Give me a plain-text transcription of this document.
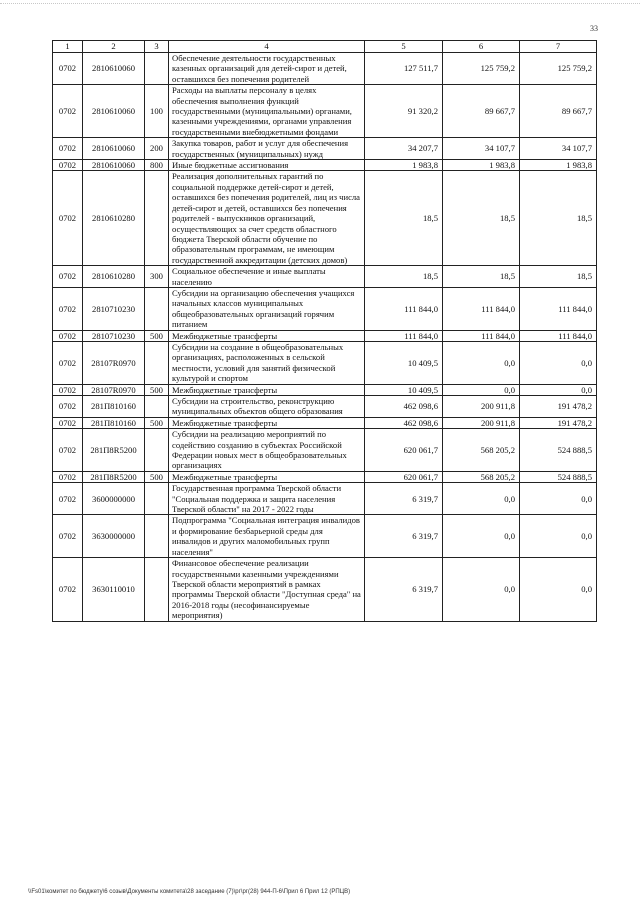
33
1	2	3	4	5	6	7
0702	2810610060		Обеспечение деятельности государственных казенных организаций для детей-сирот и детей, оставшихся без попечения родителей	127 511,7	125 759,2	125 759,2
0702	2810610060	100	Расходы на выплаты персоналу в целях обеспечения выполнения функций государственными (муниципальными) органами, казенными учреждениями, органами управления государственными внебюджетными фондами	91 320,2	89 667,7	89 667,7
0702	2810610060	200	Закупка товаров, работ и услуг для обеспечения государственных (муниципальных) нужд	34 207,7	34 107,7	34 107,7
0702	2810610060	800	Иные бюджетные ассигнования	1 983,8	1 983,8	1 983,8
0702	2810610280		Реализация дополнительных гарантий по социальной поддержке детей-сирот и детей, оставшихся без попечения родителей, лиц из числа детей-сирот и детей, оставшихся без попечения родителей - выпускников организаций, осуществляющих за счет средств областного бюджета Тверской области обучение по образовательным программам, не имеющим государственной аккредитации (детских домов)	18,5	18,5	18,5
0702	2810610280	300	Социальное обеспечение и иные выплаты населению	18,5	18,5	18,5
0702	2810710230		Субсидии на организацию обеспечения учащихся начальных классов муниципальных общеобразовательных организаций горячим питанием	111 844,0	111 844,0	111 844,0
0702	2810710230	500	Межбюджетные трансферты	111 844,0	111 844,0	111 844,0
0702	28107R0970		Субсидии на создание в общеобразовательных организациях, расположенных в сельской местности, условий для занятий физической культурой и спортом	10 409,5	0,0	0,0
0702	28107R0970	500	Межбюджетные трансферты	10 409,5	0,0	0,0
0702	281П810160		Субсидии на строительство, реконструкцию муниципальных объектов общего образования	462 098,6	200 911,8	191 478,2
0702	281П810160	500	Межбюджетные трансферты	462 098,6	200 911,8	191 478,2
0702	281П8R5200		Субсидии на реализацию мероприятий по содействию созданию в субъектах Российской Федерации новых мест в общеобразовательных организациях	620 061,7	568 205,2	524 888,5
0702	281П8R5200	500	Межбюджетные трансферты	620 061,7	568 205,2	524 888,5
0702	3600000000		Государственная программа Тверской области "Социальная поддержка и защита населения Тверской области" на 2017 - 2022 годы	6 319,7	0,0	0,0
0702	3630000000		Подпрограмма "Социальная интеграция инвалидов и формирование безбарьерной среды для инвалидов и других маломобильных групп населения"	6 319,7	0,0	0,0
0702	3630110010		Финансовое обеспечение реализации государственными казенными учреждениями Тверской области мероприятий в рамках программы Тверской области "Доступная среда" на 2016-2018 годы (несофинансируемые мероприятия)	6 319,7	0,0	0,0
\\Fs01\комитет по бюджету\6 созыв\Документы комитета\28 заседание (7)\рг\рг(28) 944-П-6\Прил 6 Прил 12 (РПЦВ)
